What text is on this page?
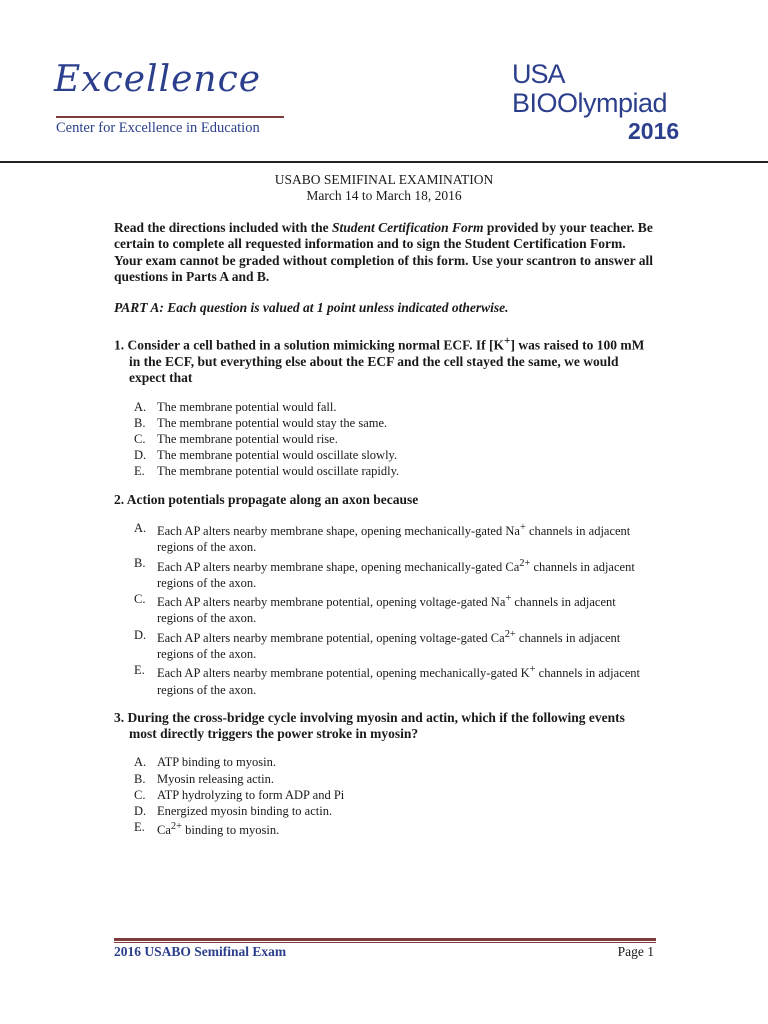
Excellence
Center for Excellence in Education
USA
BIOOlympiad
2016
USABO SEMIFINAL EXAMINATION
March 14 to March 18, 2016

Read the directions included with the Student Certification Form provided by your teacher. Be certain to complete all requested information and to sign the Student Certification Form. Your exam cannot be graded without completion of this form. Use your scantron to answer all questions in Parts A and B.

PART A: Each question is valued at 1 point unless indicated otherwise.
1. Consider a cell bathed in a solution mimicking normal ECF. If [K+] was raised to 100 mM in the ECF, but everything else about the ECF and the cell stayed the same, we would expect that
A. The membrane potential would fall.
B. The membrane potential would stay the same.
C. The membrane potential would rise.
D. The membrane potential would oscillate slowly.
E. The membrane potential would oscillate rapidly.
2. Action potentials propagate along an axon because
A. Each AP alters nearby membrane shape, opening mechanically-gated Na+ channels in adjacent regions of the axon.
B. Each AP alters nearby membrane shape, opening mechanically-gated $Ca^{2+}$ channels in adjacent regions of the axon.
C. Each AP alters nearby membrane potential, opening voltage-gated Na+ channels in adjacent regions of the axon.
D. Each AP alters nearby membrane potential, opening voltage-gated $Ca^{2+}$ channels in adjacent regions of the axon.
E. Each AP alters nearby membrane potential, opening mechanically-gated K+ channels in adjacent regions of the axon.
3. During the cross-bridge cycle involving myosin and actin, which if the following events most directly triggers the power stroke in myosin?
A. ATP binding to myosin.
B. Myosin releasing actin.
C. ATP hydrolyzing to form ADP and Pi
D. Energized myosin binding to actin.
E. $Ca^{2+}$ binding to myosin.
2016 USABO Semifinal Exam	Page 1
